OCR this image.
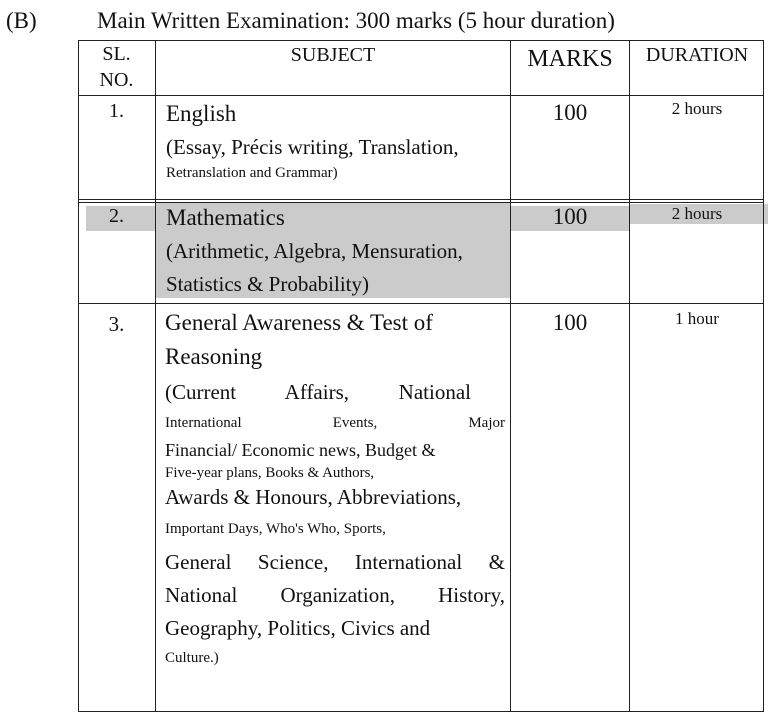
(B)	Main Written Examination: 300 marks (5 hour duration)
SL.
NO.
SUBJECT	MARKS	DURATION
1.	English
(Essay, Précis writing, Translation,
Retranslation and Grammar)
100	2 hours
2.	Mathematics
(Arithmetic, Algebra, Mensuration,
Statistics & Probability)
100	2 hours
3.	General Awareness & Test of
Reasoning
(Current Affairs, National
International Events, Major
Financial/ Economic news, Budget &
Five-year plans, Books & Authors,
Awards & Honours, Abbreviations,
Important Days, Who's Who, Sports,
General Science, International &
National Organization, History,
Geography, Politics, Civics and
Culture.)
100	1 hour
